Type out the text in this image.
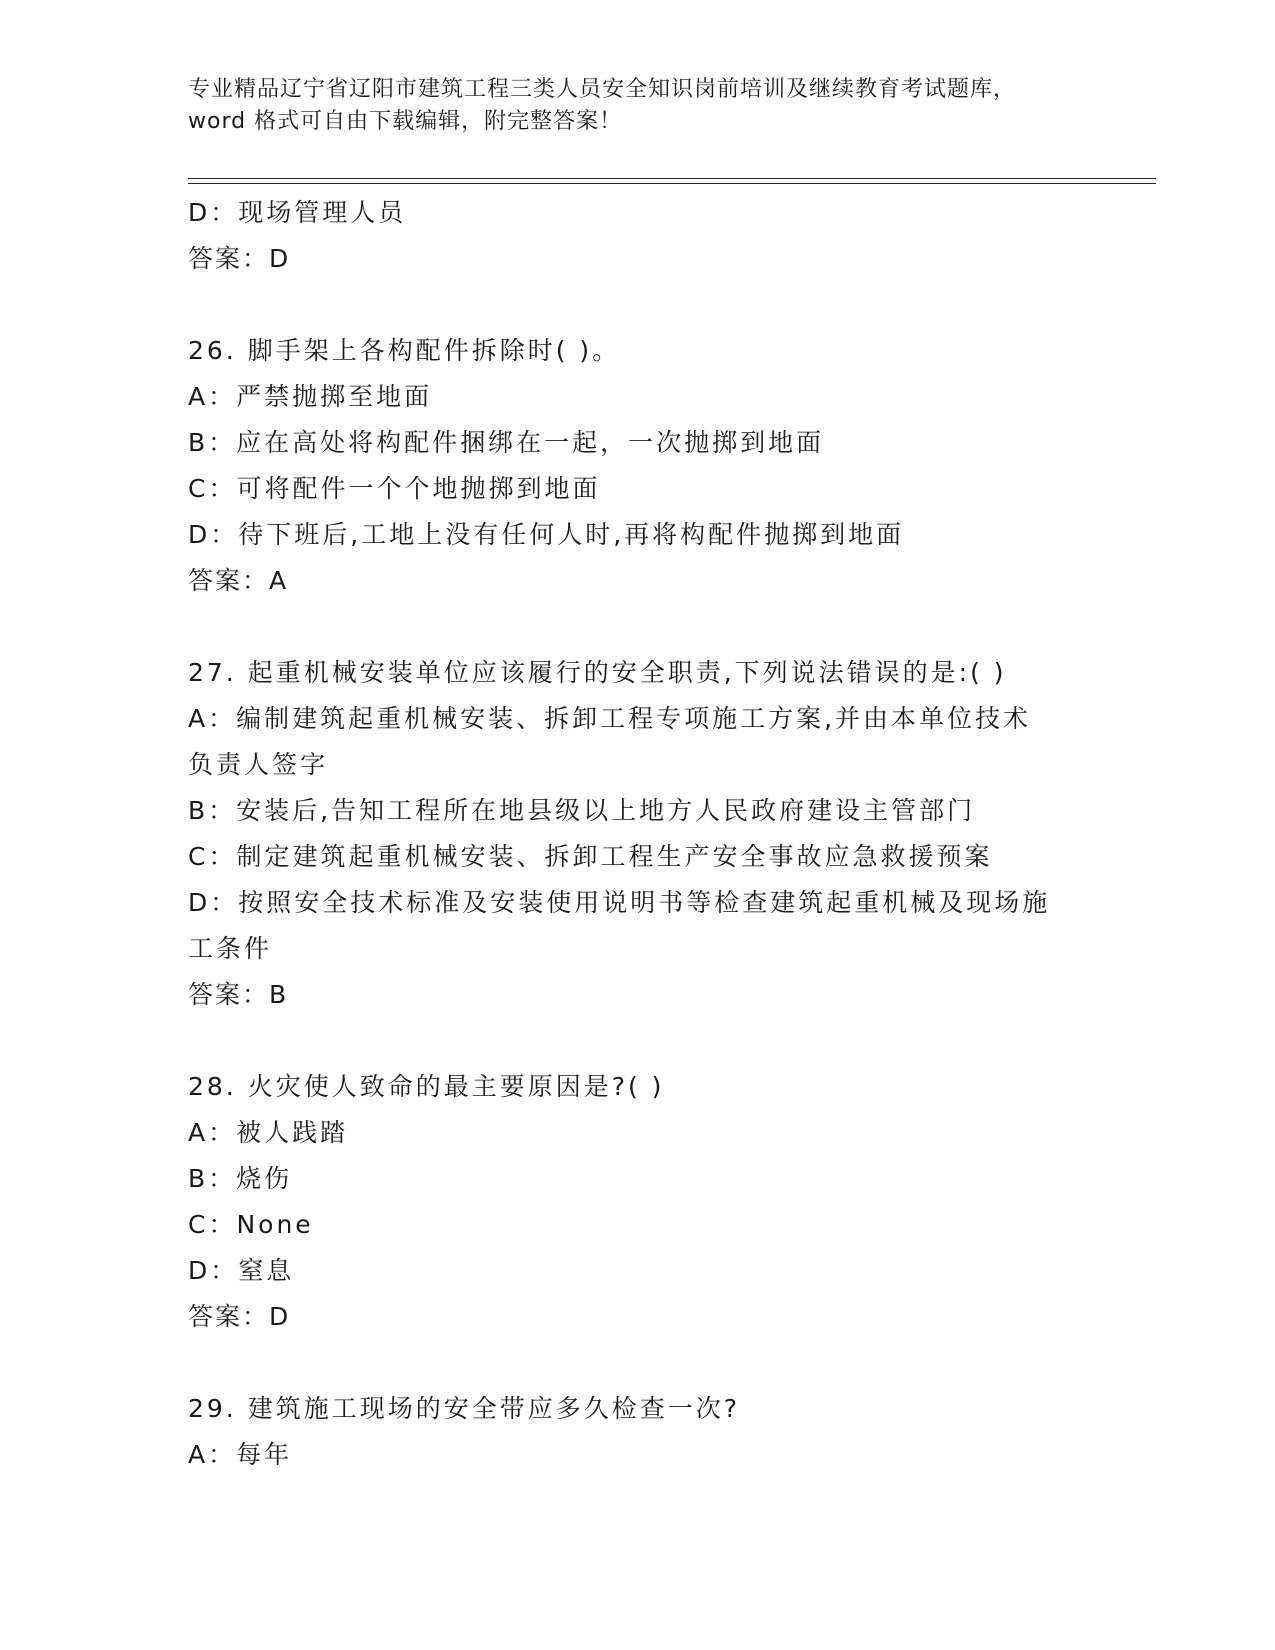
专业精品辽宁省辽阳市建筑工程三类人员安全知识岗前培训及继续教育考试题库，
word 格式可自由下载编辑，附完整答案！
D：现场管理人员
答案：D
26. 脚手架上各构配件拆除时( )。
A：严禁抛掷至地面
B：应在高处将构配件捆绑在一起，一次抛掷到地面
C：可将配件一个个地抛掷到地面
D：待下班后,工地上没有任何人时,再将构配件抛掷到地面
答案：A
27. 起重机械安装单位应该履行的安全职责,下列说法错误的是:( )
A：编制建筑起重机械安装、拆卸工程专项施工方案,并由本单位技术
负责人签字
B：安装后,告知工程所在地县级以上地方人民政府建设主管部门
C：制定建筑起重机械安装、拆卸工程生产安全事故应急救援预案
D：按照安全技术标准及安装使用说明书等检查建筑起重机械及现场施
工条件
答案：B
28. 火灾使人致命的最主要原因是?( )
A：被人践踏
B：烧伤
C：None
D：窒息
答案：D
29. 建筑施工现场的安全带应多久检查一次?
A：每年
